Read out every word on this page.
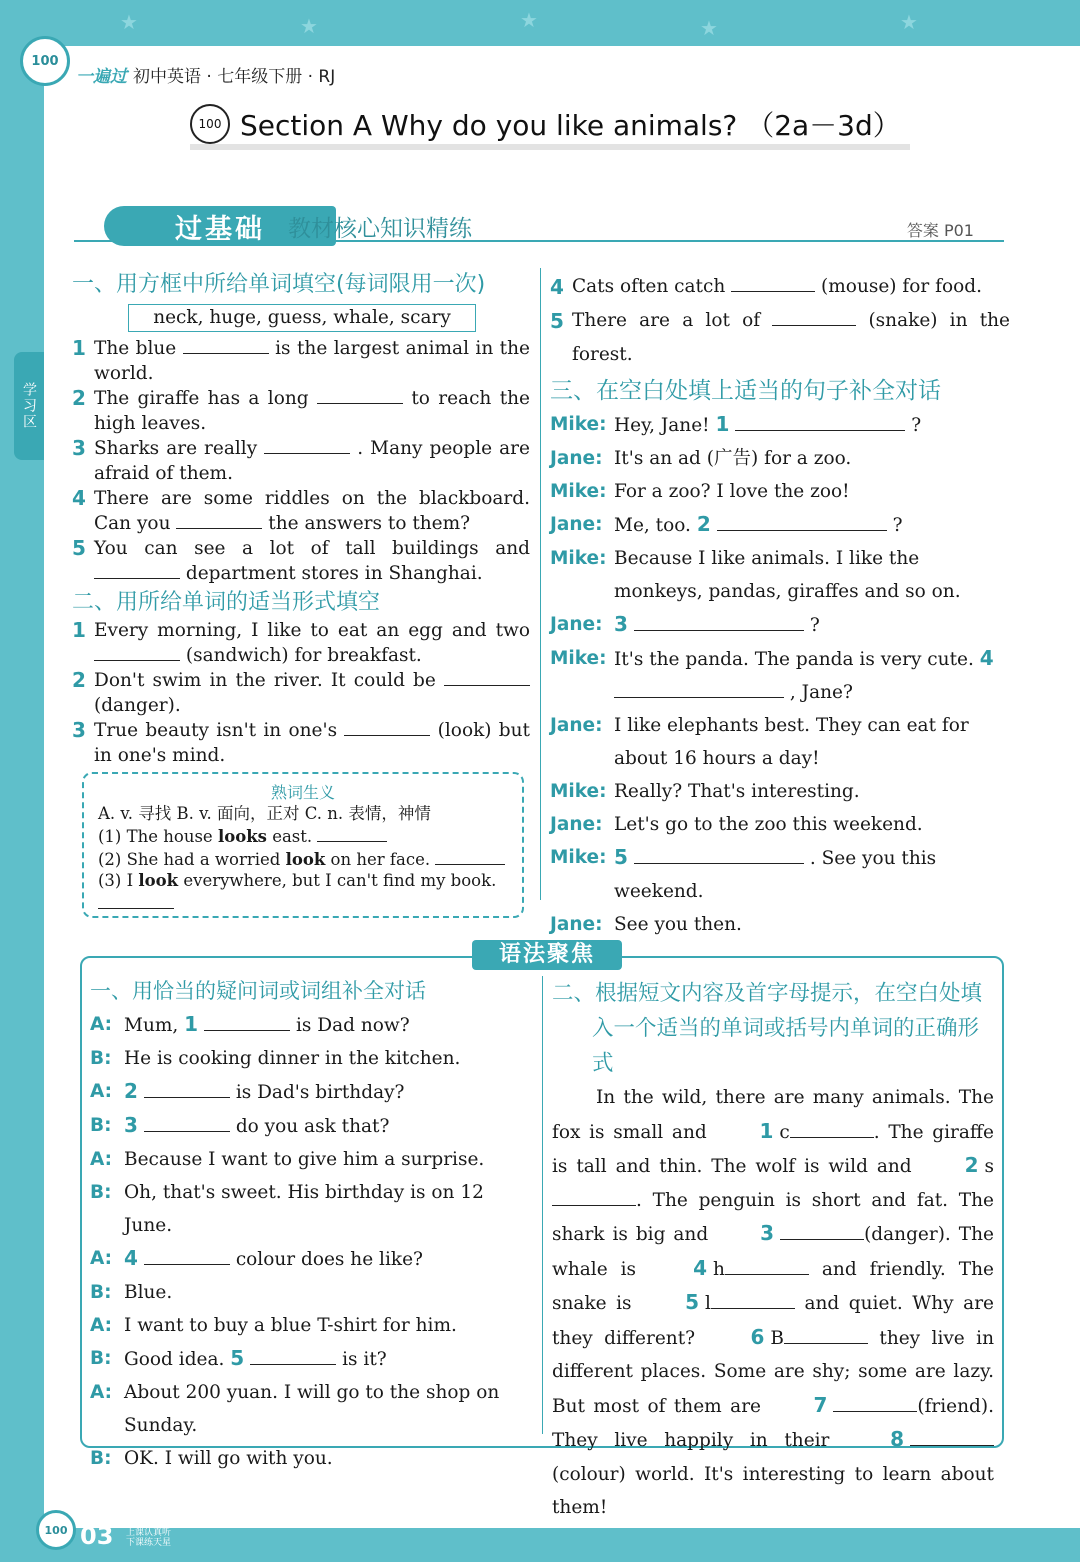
★	★	★	★	★
100
一遍过 初中英语 · 七年级下册 · RJ
100 Section A Why do you like animals? （2a－3d）
学习区
过基础	教材核心知识精练	答案 P01
一、用方框中所给单词填空(每词限用一次)
neck, huge, guess, whale, scary
1 The blue	is the largest animal in the world.
2 The giraffe has a long	to reach the high leaves.
3 Sharks are really	. Many people are afraid of them.
4 There are some riddles on the blackboard. Can you	the answers to them?
5 You can see a lot of tall buildings and  department stores in Shanghai.
二、用所给单词的适当形式填空
1 Every morning, I like to eat an egg and two  (sandwich) for breakfast.
2 Don't swim in the river. It could be  (danger).
3 True beauty isn't in one's	(look) but in one's mind.
熟词生义
A. v. 寻找 B. v. 面向，正对 C. n. 表情，神情
(1) The house looks east.
(2) She had a worried look on her face.
(3) I look everywhere, but I can't find my book.
4 Cats often catch	(mouse) for food.
5 There are a lot of	(snake) in the forest.
三、在空白处填上适当的句子补全对话
Mike: Hey, Jane! 1	?
Jane: It's an ad (广告) for a zoo.
Mike: For a zoo? I love the zoo!
Jane: Me, too. 2	?
Mike: Because I like animals. I like the monkeys, pandas, giraffes and so on.
Jane: 3	?
Mike: It's the panda. The panda is very cute. 4 , Jane?
Jane: I like elephants best. They can eat for about 16 hours a day!
Mike: Really? That's interesting.
Jane: Let's go to the zoo this weekend.
Mike: 5	. See you this weekend.
Jane: See you then.
语法聚焦
一、用恰当的疑问词或词组补全对话
A: Mum, 1	is Dad now?
B: He is cooking dinner in the kitchen.
A: 2	is Dad's birthday?
B: 3	do you ask that?
A: Because I want to give him a surprise.
B: Oh, that's sweet. His birthday is on 12 June.
A: 4	colour does he like?
B: Blue.
A: I want to buy a blue T-shirt for him.
B: Good idea. 5	is it?
A: About 200 yuan. I will go to the shop on Sunday.
B: OK. I will go with you.
二、根据短文内容及首字母提示，在空白处填入一个适当的单词或括号内单词的正确形式
In the wild, there are many animals. The fox is small and 1 c	. The giraffe is tall and thin. The wolf is wild and 2 s. The penguin is short and fat. The shark is big and 3	(danger). The whale is 4 h	and friendly. The snake is 5 l	and quiet. Why are they different? 6 B	they live in different places. Some are shy; some are lazy. But most of them are 7	(friend). They live happily in their 8(colour) world. It's interesting to learn about them!
100 03 上课认真听
下课练天星
